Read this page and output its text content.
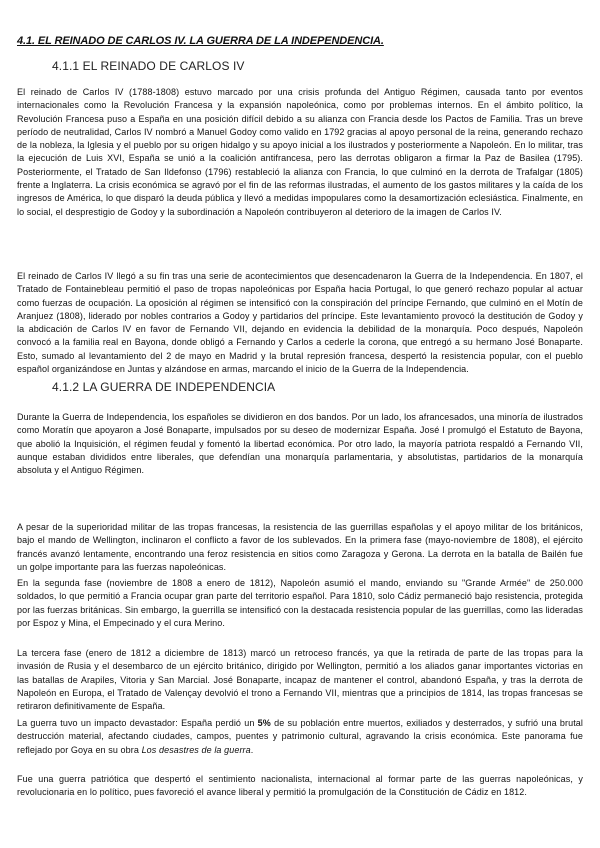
4.1. EL REINADO DE CARLOS IV. LA GUERRA DE LA INDEPENDENCIA.
4.1.1 EL REINADO DE CARLOS IV

El reinado de Carlos IV (1788-1808) estuvo marcado por una crisis profunda del Antiguo Régimen, causada tanto por eventos internacionales como la Revolución Francesa y la expansión napoleónica, como por problemas internos. En el ámbito político, la Revolución Francesa puso a España en una posición difícil debido a su alianza con Francia desde los Pactos de Familia. Tras un breve período de neutralidad, Carlos IV nombró a Manuel Godoy como valido en 1792 gracias al apoyo personal de la reina, generando rechazo de la nobleza, la Iglesia y el pueblo por su origen hidalgo y su apoyo inicial a los ilustrados y posteriormente a Napoleón. En lo militar, tras la ejecución de Luis XVI, España se unió a la coalición antifrancesa, pero las derrotas obligaron a firmar la Paz de Basilea (1795). Posteriormente, el Tratado de San Ildefonso (1796) restableció la alianza con Francia, lo que culminó en la derrota de Trafalgar (1805) frente a Inglaterra. La crisis económica se agravó por el fin de las reformas ilustradas, el aumento de los gastos militares y la caída de los ingresos de América, lo que disparó la deuda pública y llevó a medidas impopulares como la desamortización eclesiástica. Finalmente, en lo social, el desprestigio de Godoy y la subordinación a Napoleón contribuyeron al deterioro de la imagen de Carlos IV.

El reinado de Carlos IV llegó a su fin tras una serie de acontecimientos que desencadenaron la Guerra de la Independencia. En 1807, el Tratado de Fontainebleau permitió el paso de tropas napoleónicas por España hacia Portugal, lo que generó rechazo popular al actuar como fuerzas de ocupación. La oposición al régimen se intensificó con la conspiración del príncipe Fernando, que culminó en el Motín de Aranjuez (1808), liderado por nobles contrarios a Godoy y partidarios del príncipe. Este levantamiento provocó la destitución de Godoy y la abdicación de Carlos IV en favor de Fernando VII, dejando en evidencia la debilidad de la monarquía. Poco después, Napoleón convocó a la familia real en Bayona, donde obligó a Fernando y Carlos a cederle la corona, que entregó a su hermano José Bonaparte. Esto, sumado al levantamiento del 2 de mayo en Madrid y la brutal represión francesa, despertó la resistencia popular, con el pueblo español organizándose en Juntas y alzándose en armas, marcando el inicio de la Guerra de la Independencia.

4.1.2 LA GUERRA DE INDEPENDENCIA

Durante la Guerra de Independencia, los españoles se dividieron en dos bandos. Por un lado, los afrancesados, una minoría de ilustrados como Moratín que apoyaron a José Bonaparte, impulsados por su deseo de modernizar España. José I promulgó el Estatuto de Bayona, que abolió la Inquisición, el régimen feudal y fomentó la libertad económica. Por otro lado, la mayoría patriota respaldó a Fernando VII, aunque estaban divididos entre liberales, que defendían una monarquía parlamentaria, y absolutistas, partidarios de la monarquía absoluta y el Antiguo Régimen.

A pesar de la superioridad militar de las tropas francesas, la resistencia de las guerrillas españolas y el apoyo militar de los británicos, bajo el mando de Wellington, inclinaron el conflicto a favor de los sublevados. En la primera fase (mayo-noviembre de 1808), el ejército francés avanzó lentamente, encontrando una feroz resistencia en sitios como Zaragoza y Gerona. La derrota en la batalla de Bailén fue un golpe importante para las fuerzas napoleónicas.

En la segunda fase (noviembre de 1808 a enero de 1812), Napoleón asumió el mando, enviando su "Grande Armée" de 250.000 soldados, lo que permitió a Francia ocupar gran parte del territorio español. Para 1810, solo Cádiz permaneció bajo resistencia, protegida por las fuerzas británicas. Sin embargo, la guerrilla se intensificó con la destacada resistencia popular de las guerrillas, como las lideradas por Espoz y Mina, el Empecinado y el cura Merino.

La tercera fase (enero de 1812 a diciembre de 1813) marcó un retroceso francés, ya que la retirada de parte de las tropas para la invasión de Rusia y el desembarco de un ejército británico, dirigido por Wellington, permitió a los aliados ganar importantes victorias en las batallas de Arapiles, Vitoria y San Marcial. José Bonaparte, incapaz de mantener el control, abandonó España, y tras la derrota de Napoleón en Europa, el Tratado de Valençay devolvió el trono a Fernando VII, mientras que a principios de 1814, las tropas francesas se retiraron definitivamente de España.

La guerra tuvo un impacto devastador: España perdió un 5% de su población entre muertos, exiliados y desterrados, y sufrió una brutal destrucción material, afectando ciudades, campos, puentes y patrimonio cultural, agravando la crisis económica. Este panorama fue reflejado por Goya en su obra Los desastres de la guerra.

Fue una guerra patriótica que despertó el sentimiento nacionalista, internacional al formar parte de las guerras napoleónicas, y revolucionaria en lo político, pues favoreció el avance liberal y permitió la promulgación de la Constitución de Cádiz en 1812.
